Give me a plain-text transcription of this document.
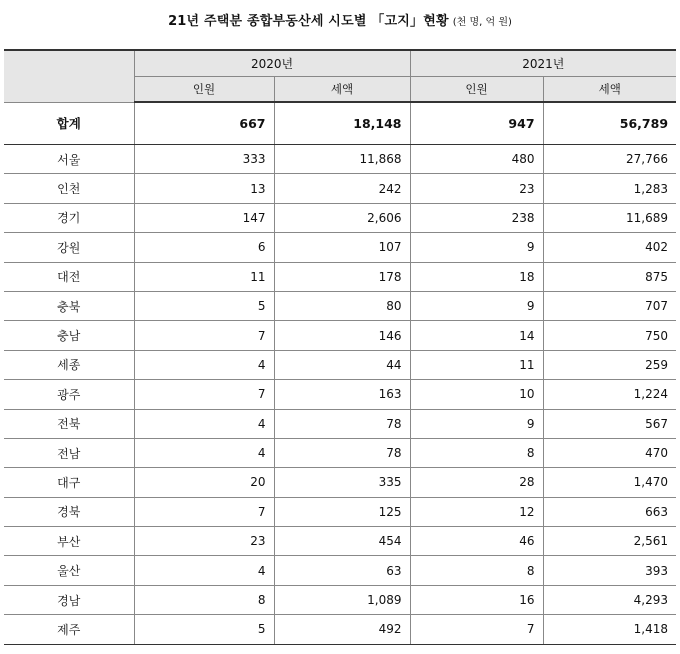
21년 주택분 종합부동산세 시도별 「고지」현황 (천 명, 억 원)
	2020년		2021년	
	인원	세액	인원	세액
합계	667	18,148	947	56,789
서울	333	11,868	480	27,766
인천	13	242	23	1,283
경기	147	2,606	238	11,689
강원	6	107	9	402
대전	11	178	18	875
충북	5	80	9	707
충남	7	146	14	750
세종	4	44	11	259
광주	7	163	10	1,224
전북	4	78	9	567
전남	4	78	8	470
대구	20	335	28	1,470
경북	7	125	12	663
부산	23	454	46	2,561
울산	4	63	8	393
경남	8	1,089	16	4,293
제주	5	492	7	1,418
